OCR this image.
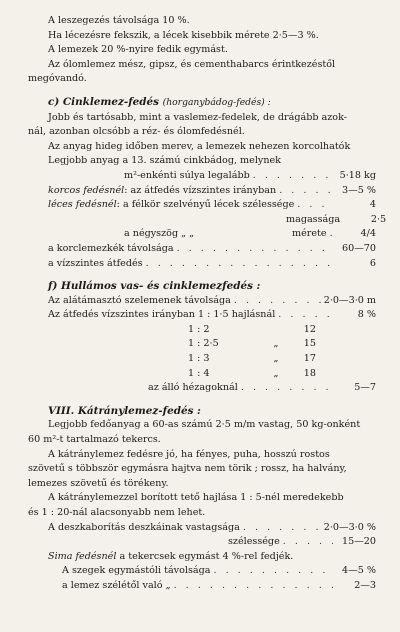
A leszegezés távolsága 10 %.
Ha lécezésre fekszik, a lécek kisebbik mérete 2·5—3 %.
A lemezek 20 %-nyire fedik egymást.
Az ólomlemez mész, gipsz, és cementhabarcs érintkezéstől
megóvandó.
c) Cinklemez-fedés (horganybádog-fedés) :
Jobb és tartósabb, mint a vaslemez-fedelek, de drágább azok-
nál, azonban olcsóbb a réz- és ólomfedésnél.
Az anyag hideg időben merev, a lemezek nehezen korcolhatók
Legjobb anyag a 13. számú cinkbádog, melynek
m²-enkénti súlya legalább . . .	5·18 kg
korcos fedésnél: az átfedés vízszintes irányban . . .	3—5 %
léces fedésnél: a félkör szelvényű lécek szélessége . . .	4
magassága	2·5
a négyszög „ „	mérete . . .	4/4
a korclemezkék távolsága . . .	60—70
a vízszintes átfedés . . .	6
f) Hullámos vas- és cinklemezfedés :
Az alátámasztó szelemenek távolsága . . .	2·0—3·0 m
Az átfedés vízszintes irányban 1 : 1·5 hajlásnál . . .	8 %
1 : 2	12
1 : 2·5	„	15
1 : 3	„	17
1 : 4	„	18
az álló hézagoknál . . .	5—7
VIII. Kátránylemez-fedés :
Legjobb fedőanyag a 60-as számú 2·5 m/m vastag, 50 kg-onként
60 m²-t tartalmazó tekercs.
A kátránylemez fedésre jó, ha fényes, puha, hosszú rostos
szövetű s többször egymásra hajtva nem törik ; rossz, ha halvány,
lemezes szövetű és törékeny.
A kátránylemezzel borított tető hajlása 1 : 5-nél meredekebb
és 1 : 20-nál alacsonyabb nem lehet.
A deszkaborítás deszkáinak vastagsága . . .	2·0—3·0 %
szélessége . . .	15—20
Sima fedésnél a tekercsek egymást 4 %-rel fedjék.
A szegek egymástóli távolsága . . .	4—5 %
a lemez szélétől való „ . . .	2—3
